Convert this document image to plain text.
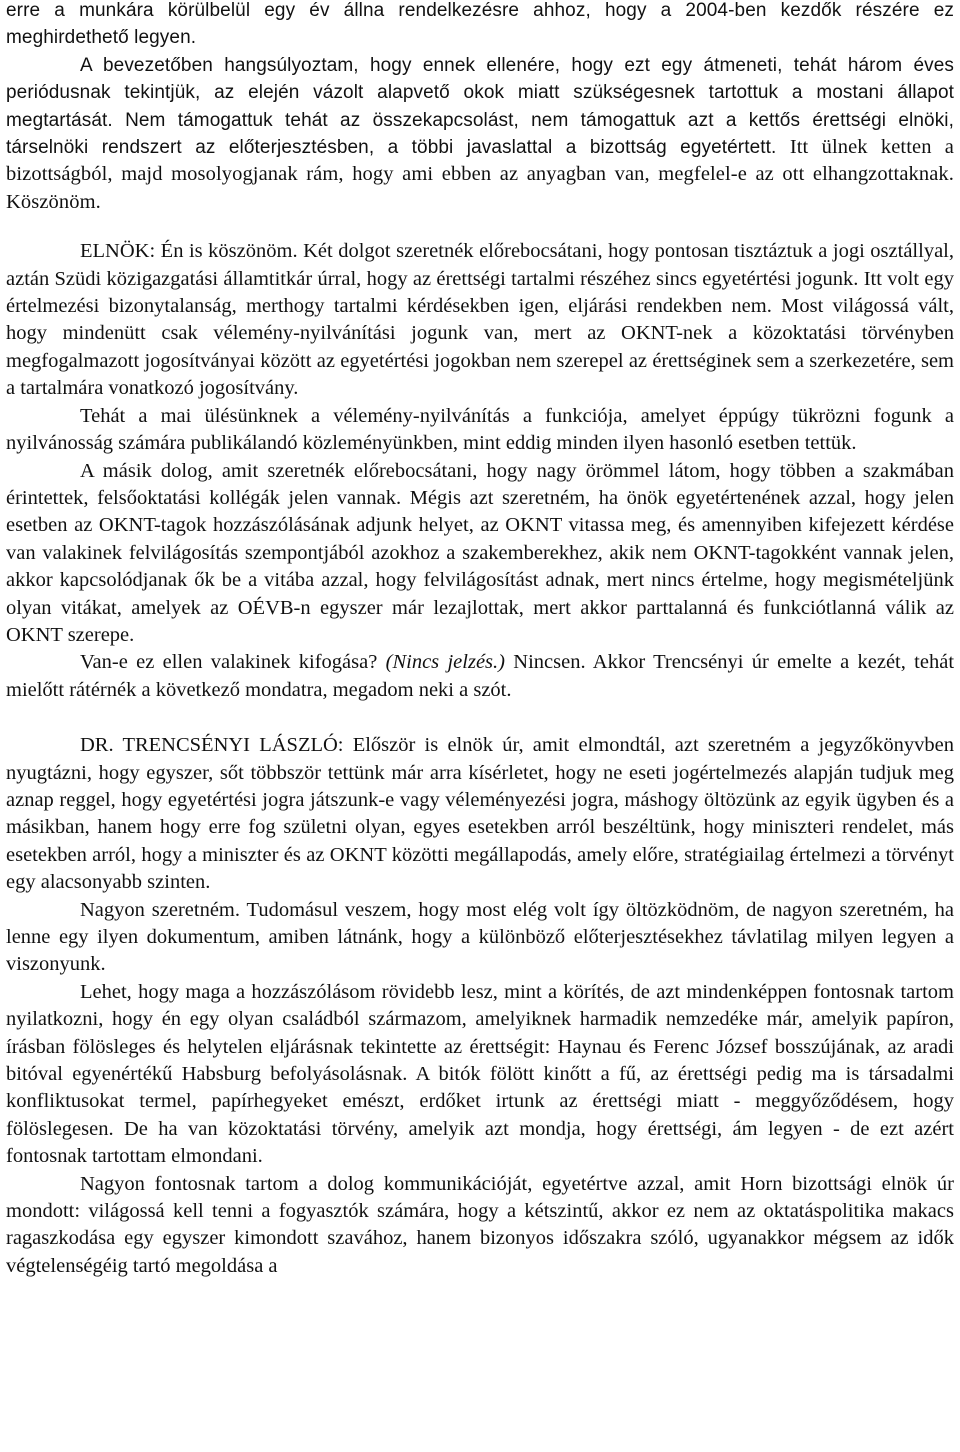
erre a munkára körülbelül egy év állna rendelkezésre ahhoz, hogy a 2004-ben kezdők részére ez meghirdethető legyen.

A bevezetőben hangsúlyoztam, hogy ennek ellenére, hogy ezt egy átmeneti, tehát három éves periódusnak tekintjük, az elején vázolt alapvető okok miatt szükségesnek tartottuk a mostani állapot megtartását. Nem támogattuk tehát az összekapcsolást, nem támogattuk azt a kettős érettségi elnöki, társelnöki rendszert az előterjesztésben, a többi javaslattal a bizottság egyetértett. Itt ülnek ketten a bizottságból, majd mosolyogjanak rám, hogy ami ebben az anyagban van, megfelel-e az ott elhangzottaknak. Köszönöm.

ELNÖK: Én is köszönöm. Két dolgot szeretnék előrebocsátani, hogy pontosan tisztáztuk a jogi osztállyal, aztán Szüdi közigazgatási államtitkár úrral, hogy az érettségi tartalmi részéhez sincs egyetértési jogunk. Itt volt egy értelmezési bizonytalanság, merthogy tartalmi kérdésekben igen, eljárási rendekben nem. Most világossá vált, hogy mindenütt csak vélemény-nyilvánítási jogunk van, mert az OKNT-nek a közoktatási törvényben megfogalmazott jogosítványai között az egyetértési jogokban nem szerepel az érettséginek sem a szerkezetére, sem a tartalmára vonatkozó jogosítvány.

Tehát a mai ülésünknek a vélemény-nyilvánítás a funkciója, amelyet éppúgy tükrözni fogunk a nyilvánosság számára publikálandó közleményünkben, mint eddig minden ilyen hasonló esetben tettük.

A másik dolog, amit szeretnék előrebocsátani, hogy nagy örömmel látom, hogy többen a szakmában érintettek, felsőoktatási kollégák jelen vannak. Mégis azt szeretném, ha önök egyetértenének azzal, hogy jelen esetben az OKNT-tagok hozzászólásának adjunk helyet, az OKNT vitassa meg, és amennyiben kifejezett kérdése van valakinek felvilágosítás szempontjából azokhoz a szakemberekhez, akik nem OKNT-tagokként vannak jelen, akkor kapcsolódjanak ők be a vitába azzal, hogy felvilágosítást adnak, mert nincs értelme, hogy megismételjünk olyan vitákat, amelyek az OÉVB-n egyszer már lezajlottak, mert akkor parttalanná és funkciótlanná válik az OKNT szerepe.

Van-e ez ellen valakinek kifogása? (Nincs jelzés.) Nincsen. Akkor Trencsényi úr emelte a kezét, tehát mielőtt rátérnék a következő mondatra, megadom neki a szót.

DR. TRENCSÉNYI LÁSZLÓ: Először is elnök úr, amit elmondtál, azt szeretném a jegyzőkönyvben nyugtázni, hogy egyszer, sőt többször tettünk már arra kísérletet, hogy ne eseti jogértelmezés alapján tudjuk meg aznap reggel, hogy egyetértési jogra játszunk-e vagy véleményezési jogra, máshogy öltözünk az egyik ügyben és a másikban, hanem hogy erre fog születni olyan, egyes esetekben arról beszéltünk, hogy miniszteri rendelet, más esetekben arról, hogy a miniszter és az OKNT közötti megállapodás, amely előre, stratégiailag értelmezi a törvényt egy alacsonyabb szinten.

Nagyon szeretném. Tudomásul veszem, hogy most elég volt így öltözködnöm, de nagyon szeretném, ha lenne egy ilyen dokumentum, amiben látnánk, hogy a különböző előterjesztésekhez távlatilag milyen legyen a viszonyunk.

Lehet, hogy maga a hozzászólásom rövidebb lesz, mint a körítés, de azt mindenképpen fontosnak tartom nyilatkozni, hogy én egy olyan családból származom, amelyiknek harmadik nemzedéke már, amelyik papíron, írásban fölösleges és helytelen eljárásnak tekintette az érettségit: Haynau és Ferenc József bosszújának, az aradi bitóval egyenértékű Habsburg befolyásolásnak. A bitók fölött kinőtt a fű, az érettségi pedig ma is társadalmi konfliktusokat termel, papírhegyeket emészt, erdőket irtunk az érettségi miatt - meggyőződésem, hogy fölöslegesen. De ha van közoktatási törvény, amelyik azt mondja, hogy érettségi, ám legyen - de ezt azért fontosnak tartottam elmondani.

Nagyon fontosnak tartom a dolog kommunikációját, egyetértve azzal, amit Horn bizottsági elnök úr mondott: világossá kell tenni a fogyasztók számára, hogy a kétszintű, akkor ez nem az oktatáspolitika makacs ragaszkodása egy egyszer kimondott szavához, hanem bizonyos időszakra szóló, ugyanakkor mégsem az idők végtelenségéig tartó megoldása a
